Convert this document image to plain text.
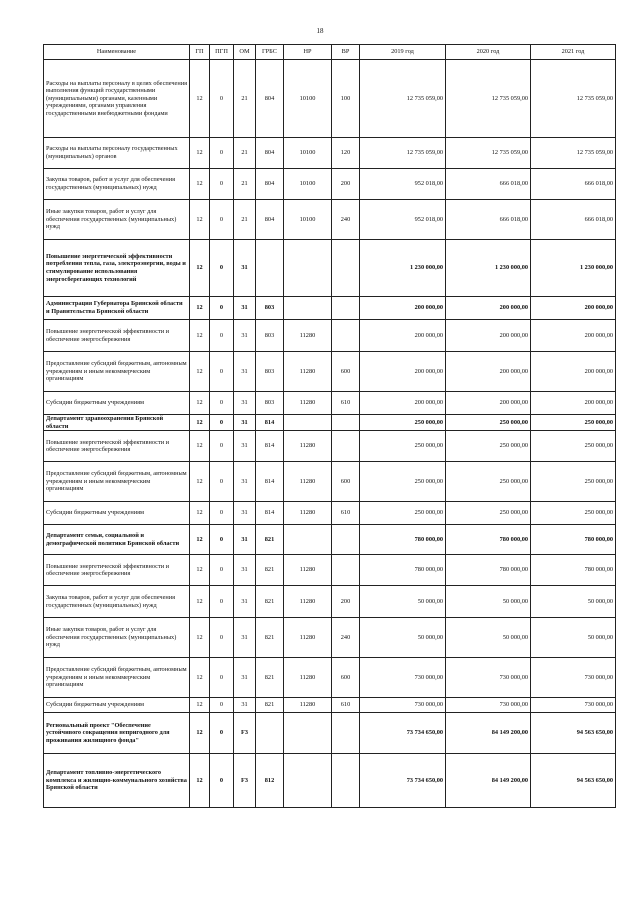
18
Наименование	ГП	ПГП	ОМ	ГРБС	НР	ВР	2019 год	2020 год	2021 год
Расходы на выплаты персоналу в целях обеспечения выполнения функций государственными (муниципальными) органами, казенными учреждениями, органами управления государственными внебюджетными фондами	12	0	21	804	10100	100	12 735 059,00	12 735 059,00	12 735 059,00
Расходы на выплаты персоналу государственных (муниципальных) органов	12	0	21	804	10100	120	12 735 059,00	12 735 059,00	12 735 059,00
Закупка товаров, работ и услуг для обеспечения государственных (муниципальных) нужд	12	0	21	804	10100	200	952 018,00	666 018,00	666 018,00
Иные закупки товаров, работ и услуг для обеспечения государственных (муниципальных) нужд	12	0	21	804	10100	240	952 018,00	666 018,00	666 018,00
Повышение энергетической эффективности потребления тепла, газа, электроэнергии, воды и стимулирование использования энергосберегающих технологий	12	0	31				1 230 000,00	1 230 000,00	1 230 000,00
Администрация Губернатора Брянской области и Правительства Брянской области	12	0	31	803			200 000,00	200 000,00	200 000,00
Повышение энергетической эффективности и обеспечение энергосбережения	12	0	31	803	11280		200 000,00	200 000,00	200 000,00
Предоставление субсидий бюджетным, автономным учреждениям и иным некоммерческим организациям	12	0	31	803	11280	600	200 000,00	200 000,00	200 000,00
Субсидии бюджетным учреждениям	12	0	31	803	11280	610	200 000,00	200 000,00	200 000,00
Департамент здравоохранения Брянской области	12	0	31	814			250 000,00	250 000,00	250 000,00
Повышение энергетической эффективности и обеспечение энергосбережения	12	0	31	814	11280		250 000,00	250 000,00	250 000,00
Предоставление субсидий бюджетным, автономным учреждениям и иным некоммерческим организациям	12	0	31	814	11280	600	250 000,00	250 000,00	250 000,00
Субсидии бюджетным учреждениям	12	0	31	814	11280	610	250 000,00	250 000,00	250 000,00
Департамент семьи, социальной и демографической политики Брянской области	12	0	31	821			780 000,00	780 000,00	780 000,00
Повышение энергетической эффективности и обеспечение энергосбережения	12	0	31	821	11280		780 000,00	780 000,00	780 000,00
Закупка товаров, работ и услуг для обеспечения государственных (муниципальных) нужд	12	0	31	821	11280	200	50 000,00	50 000,00	50 000,00
Иные закупки товаров, работ и услуг для обеспечения государственных (муниципальных) нужд	12	0	31	821	11280	240	50 000,00	50 000,00	50 000,00
Предоставление субсидий бюджетным, автономным учреждениям и иным некоммерческим организациям	12	0	31	821	11280	600	730 000,00	730 000,00	730 000,00
Субсидии бюджетным учреждениям	12	0	31	821	11280	610	730 000,00	730 000,00	730 000,00
Региональный проект "Обеспечение устойчивого сокращения непригодного для проживания жилищного фонда"	12	0	F3				73 734 650,00	84 149 200,00	94 563 650,00
Департамент топливно-энергетического комплекса и жилищно-коммунального хозяйства Брянской области	12	0	F3	812			73 734 650,00	84 149 200,00	94 563 650,00
